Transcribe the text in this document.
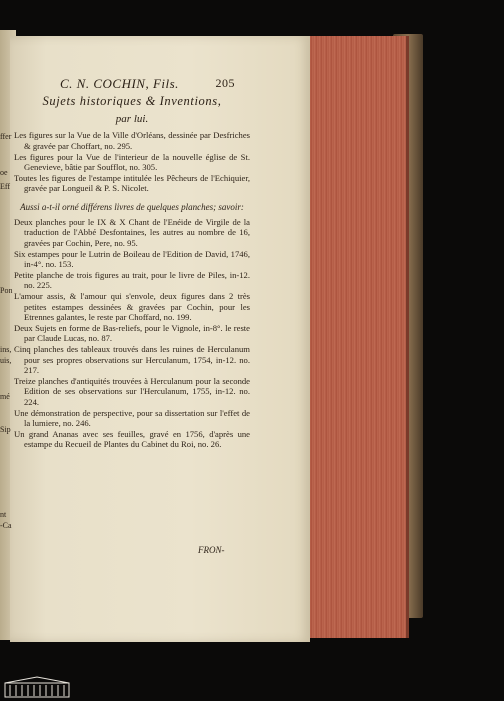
ffer
oe
Eff
Pon
ins,
uis,
mé
Sip
nt
-Ca
C. N. COCHIN, Fils.	205
Sujets historiques & Inventions,
par lui.

Les figures sur la Vue de la Ville d'Orléans, dessinée par Desfriches & gravée par Choffart, no. 295.

Les figures pour la Vue de l'interieur de la nouvelle église de St. Genevieve, bâtie par Soufflot, no. 305.

Toutes les figures de l'estampe intitulée les Pêcheurs de l'Echiquier, gravée par Longueil & P. S. Nicolet.

Aussi a-t-il orné différens livres de quelques planches; savoir:

Deux planches pour le IX & X Chant de l'Enéide de Virgile de la traduction de l'Abbé Desfontaines, les autres au nombre de 16, gravées par Cochin, Pere, no. 95.

Six estampes pour le Lutrin de Boileau de l'Edition de David, 1746, in-4°. no. 153.

Petite planche de trois figures au trait, pour le livre de Piles, in-12. no. 225.

L'amour assis, & l'amour qui s'envole, deux figures dans 2 très petites estampes dessinées & gravées par Cochin, pour les Etrennes galantes, le reste par Choffard, no. 199.

Deux Sujets en forme de Bas-reliefs, pour le Vignole, in-8°. le reste par Claude Lucas, no. 87.

Cinq planches des tableaux trouvés dans les ruines de Herculanum pour ses propres observations sur Herculanum, 1754, in-12. no. 217.

Treize planches d'antiquités trouvées à Herculanum pour la seconde Edition de ses observations sur l'Herculanum, 1755, in-12. no. 224.

Une démonstration de perspective, pour sa dissertation sur l'effet de la lumiere, no. 246.

Un grand Ananas avec ses feuilles, gravé en 1756, d'après une estampe du Recueil de Plantes du Cabinet du Roi, no. 26.

FRON-
